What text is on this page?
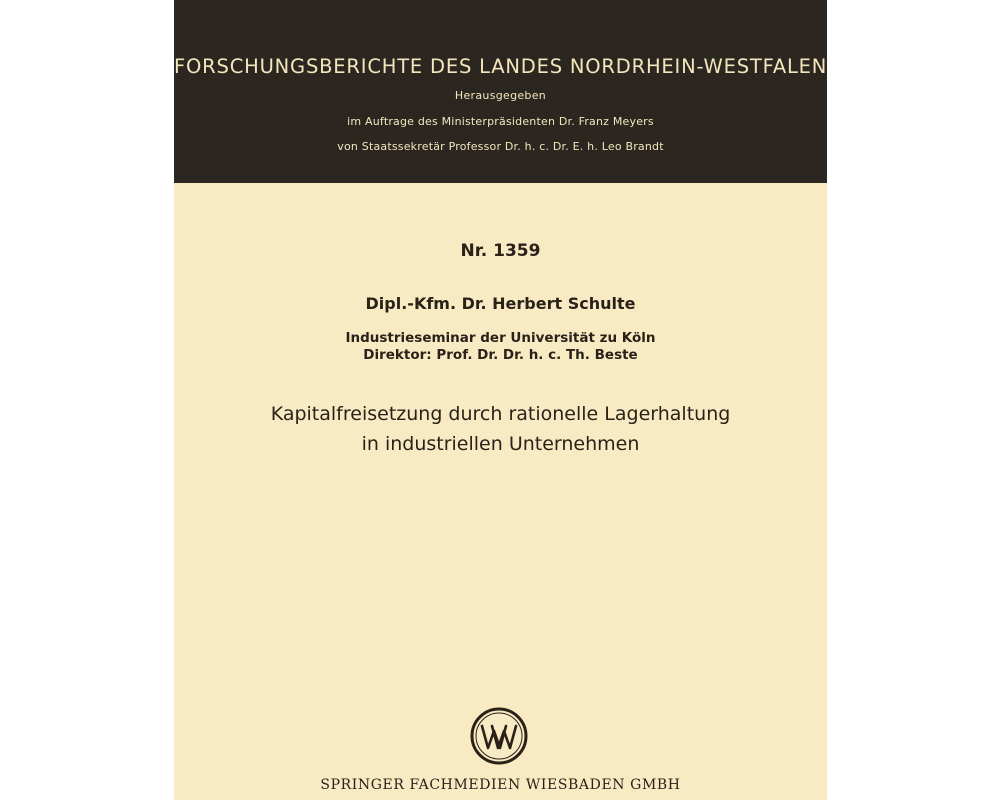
FORSCHUNGSBERICHTE DES LANDES NORDRHEIN-WESTFALEN
Herausgegeben
im Auftrage des Ministerpräsidenten Dr. Franz Meyers
von Staatssekretär Professor Dr. h. c. Dr. E. h. Leo Brandt
Nr. 1359
Dipl.-Kfm. Dr. Herbert Schulte
Industrieseminar der Universität zu Köln
Direktor: Prof. Dr. Dr. h. c. Th. Beste
Kapitalfreisetzung durch rationelle Lagerhaltung
in industriellen Unternehmen
SPRINGER FACHMEDIEN WIESBADEN GMBH
